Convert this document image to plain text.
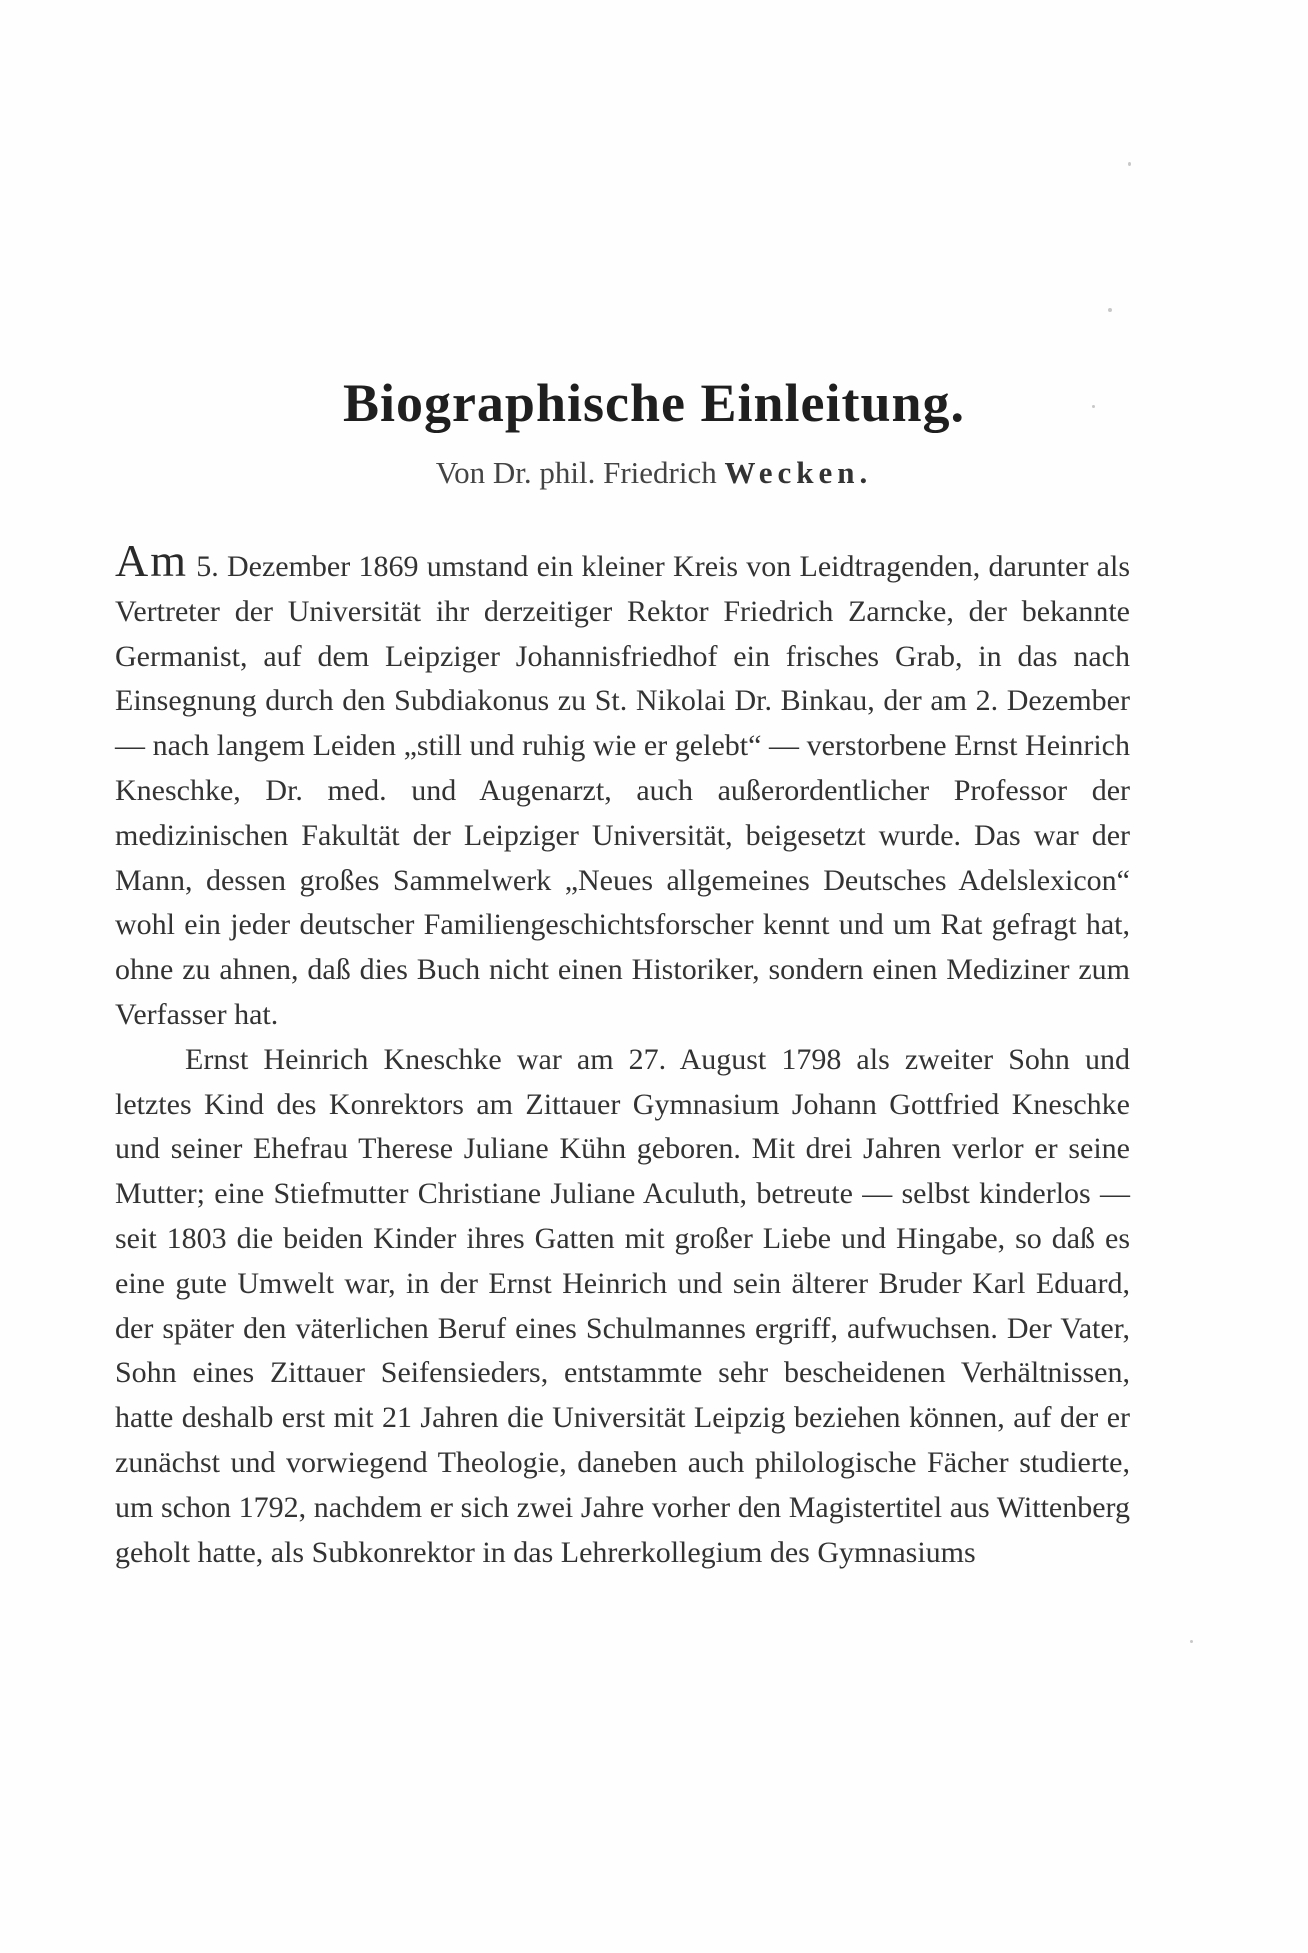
Biographische Einleitung.

Von Dr. phil. Friedrich Wecken.

Am 5. Dezember 1869 umstand ein kleiner Kreis von Leidtragenden, darunter als Vertreter der Universität ihr derzeitiger Rektor Friedrich Zarncke, der bekannte Germanist, auf dem Leipziger Johannisfriedhof ein frisches Grab, in das nach Einsegnung durch den Subdiakonus zu St. Nikolai Dr. Binkau, der am 2. Dezember — nach langem Leiden „still und ruhig wie er gelebt“ — verstorbene Ernst Heinrich Kneschke, Dr. med. und Augenarzt, auch außerordentlicher Professor der medizinischen Fakultät der Leipziger Universität, beigesetzt wurde. Das war der Mann, dessen großes Sammelwerk „Neues allgemeines Deutsches Adelslexicon“ wohl ein jeder deutscher Familiengeschichtsforscher kennt und um Rat gefragt hat, ohne zu ahnen, daß dies Buch nicht einen Historiker, sondern einen Mediziner zum Verfasser hat.

Ernst Heinrich Kneschke war am 27. August 1798 als zweiter Sohn und letztes Kind des Konrektors am Zittauer Gymnasium Johann Gottfried Kneschke und seiner Ehefrau Therese Juliane Kühn geboren. Mit drei Jahren verlor er seine Mutter; eine Stiefmutter Christiane Juliane Aculuth, betreute — selbst kinderlos — seit 1803 die beiden Kinder ihres Gatten mit großer Liebe und Hingabe, so daß es eine gute Umwelt war, in der Ernst Heinrich und sein älterer Bruder Karl Eduard, der später den väterlichen Beruf eines Schulmannes ergriff, aufwuchsen. Der Vater, Sohn eines Zittauer Seifensieders, entstammte sehr bescheidenen Verhältnissen, hatte deshalb erst mit 21 Jahren die Universität Leipzig beziehen können, auf der er zunächst und vorwiegend Theologie, daneben auch philologische Fächer studierte, um schon 1792, nachdem er sich zwei Jahre vorher den Magistertitel aus Wittenberg geholt hatte, als Subkonrektor in das Lehrerkollegium des Gymnasiums
